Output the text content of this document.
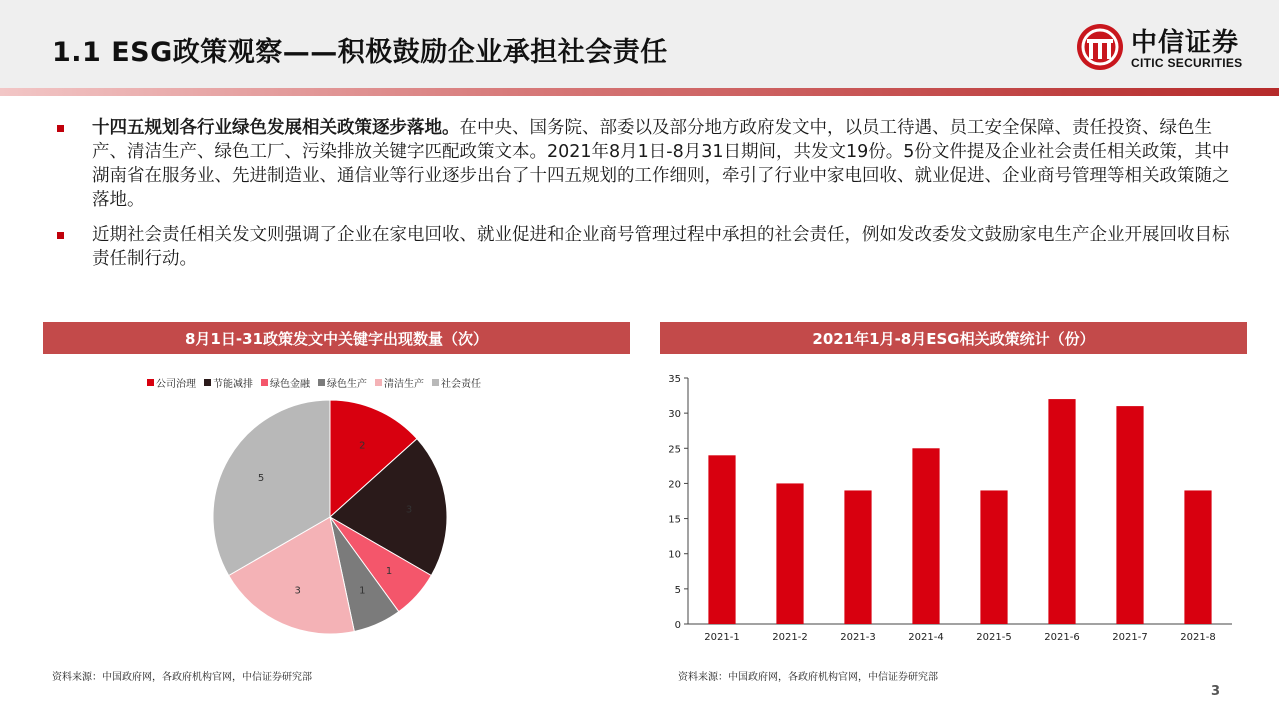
1.1 ESG政策观察——积极鼓励企业承担社会责任	中信证券
CITIC SECURITIES
十四五规划各行业绿色发展相关政策逐步落地。在中央、国务院、部委以及部分地方政府发文中，以员工待遇、员工安全保障、责任投资、绿色生产、清洁生产、绿色工厂、污染排放关键字匹配政策文本。2021年8月1日-8月31日期间，共发文19份。5份文件提及企业社会责任相关政策，其中湖南省在服务业、先进制造业、通信业等行业逐步出台了十四五规划的工作细则，牵引了行业中家电回收、就业促进、企业商号管理等相关政策随之落地。
近期社会责任相关发文则强调了企业在家电回收、就业促进和企业商号管理过程中承担的社会责任，例如发改委发文鼓励家电生产企业开展回收目标责任制行动。
8月1日-31政策发文中关键字出现数量（次）
公司治理 节能减排 绿色金融 绿色生产 清洁生产 社会责任
2
3
1
1
3
5
资料来源：中国政府网，各政府机构官网，中信证券研究部
2021年1月-8月ESG相关政策统计（份）
0
5
10
15
20
25
30
35
2021-1	2021-2	2021-3	2021-4	2021-5	2021-6	2021-7	2021-8
资料来源：中国政府网，各政府机构官网，中信证券研究部
3
